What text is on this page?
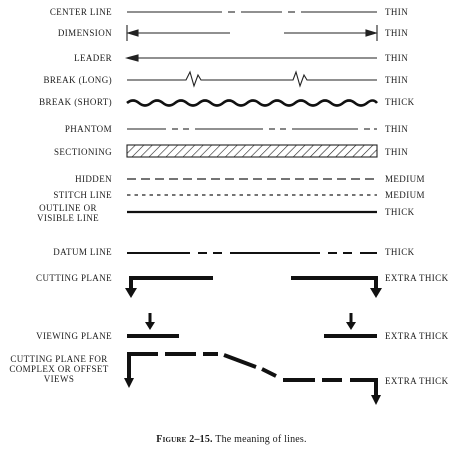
CENTER LINE
DIMENSION
LEADER
BREAK (LONG)
BREAK (SHORT)
PHANTOM
SECTIONING
HIDDEN
STITCH LINE
OUTLINE OR VISIBLE LINE
DATUM LINE
CUTTING PLANE
VIEWING PLANE
CUTTING PLANE FOR COMPLEX OR OFFSET VIEWS
THIN
THIN
THIN
THIN
THICK
THIN
THIN
MEDIUM
MEDIUM
THICK
THICK
EXTRA THICK
EXTRA THICK
EXTRA THICK
Figure 2–15. The meaning of lines.
